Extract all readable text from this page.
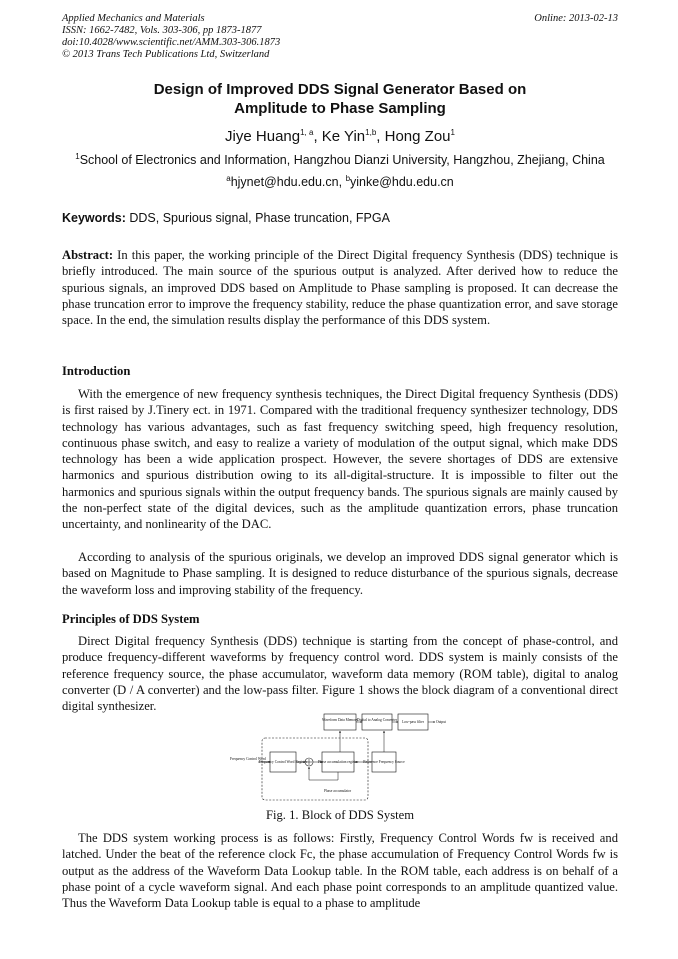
Applied Mechanics and Materials
ISSN: 1662-7482, Vols. 303-306, pp 1873-1877
doi:10.4028/www.scientific.net/AMM.303-306.1873
© 2013 Trans Tech Publications Ltd, Switzerland
Online: 2013-02-13
Design of Improved DDS Signal Generator Based on
Amplitude to Phase Sampling
Jiye Huang$^{1, a}$, Ke Yin$^{1,b}$, Hong Zou$^1$
$^1$School of Electronics and Information, Hangzhou Dianzi University, Hangzhou, Zhejiang, China
$^a$hjynet@hdu.edu.cn, $^b$yinke@hdu.edu.cn
Keywords: DDS, Spurious signal, Phase truncation, FPGA

Abstract: In this paper, the working principle of the Direct Digital frequency Synthesis (DDS) technique is briefly introduced. The main source of the spurious output is analyzed. After derived how to reduce the spurious signals, an improved DDS based on Amplitude to Phase sampling is proposed. It can decrease the phase truncation error to improve the frequency stability, reduce the phase quantization error, and save storage space. In the end, the simulation results display the performance of this DDS system.

Introduction

With the emergence of new frequency synthesis techniques, the Direct Digital frequency Synthesis (DDS) is first raised by J.Tinery ect. in 1971. Compared with the traditional frequency synthesizer technology, DDS technology has various advantages, such as fast frequency switching speed, high frequency resolution, continuous phase switch, and easy to realize a variety of modulation of the output signal, which make DDS technology has been a wide application prospect. However, the severe shortages of DDS are extensive harmonics and spurious distribution owing to its all-digital-structure. It is impossible to filter out the harmonics and spurious signals within the output frequency bands. The spurious signals are mainly caused by the non-perfect state of the digital devices, such as the amplitude quantization errors, phase truncation uncertainty, and nonlinearity of the DAC.

According to analysis of the spurious originals, we develop an improved DDS signal generator which is based on Magnitude to Phase sampling. It is designed to reduce disturbance of the spurious signals, decrease the waveform loss and improving stability of the frequency.

Principles of DDS System

Direct Digital frequency Synthesis (DDS) technique is starting from the concept of phase-control, and produce frequency-different waveforms by frequency control word. DDS system is mainly consists of the reference frequency source, the phase accumulator, waveform data memory (ROM table), digital to analog converter (D / A converter) and the low-pass filter. Figure 1 shows the block diagram of a conventional direct digital synthesizer.

Waveform Data Memory
Digital to Analog Converter Low-pass filter	Output
Frequency Control Word
Frequency Control Word Register	Phase accumulation register Reference Frequency Source
Phase accumulator
Fig. 1. Block of DDS System

The DDS system working process is as follows: Firstly, Frequency Control Words fw is received and latched. Under the beat of the reference clock Fc, the phase accumulation of Frequency Control Words fw is output as the address of the Waveform Data Lookup table. In the ROM table, each address is on behalf of a phase point of a cycle waveform signal. And each phase point corresponds to an amplitude quantized value. Thus the Waveform Data Lookup table is equal to a phase to amplitude
